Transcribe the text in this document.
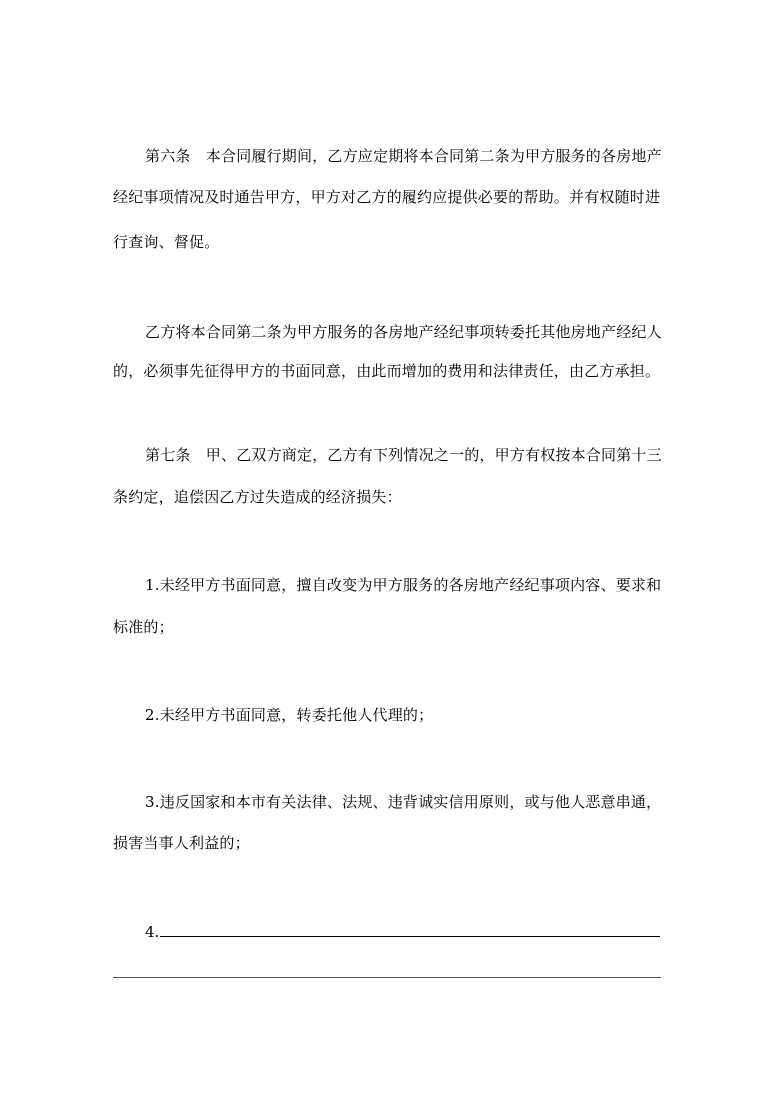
第六条　本合同履行期间，乙方应定期将本合同第二条为甲方服务的各房地产
经纪事项情况及时通告甲方，甲方对乙方的履约应提供必要的帮助。并有权随时进
行查询、督促。
乙方将本合同第二条为甲方服务的各房地产经纪事项转委托其他房地产经纪人
的，必须事先征得甲方的书面同意，由此而增加的费用和法律责任，由乙方承担。
第七条　甲、乙双方商定，乙方有下列情况之一的，甲方有权按本合同第十三
条约定，追偿因乙方过失造成的经济损失：
1.未经甲方书面同意，擅自改变为甲方服务的各房地产经纪事项内容、要求和
标准的；
2.未经甲方书面同意，转委托他人代理的；
3.违反国家和本市有关法律、法规、违背诚实信用原则，或与他人恶意串通，
损害当事人利益的；
4.
